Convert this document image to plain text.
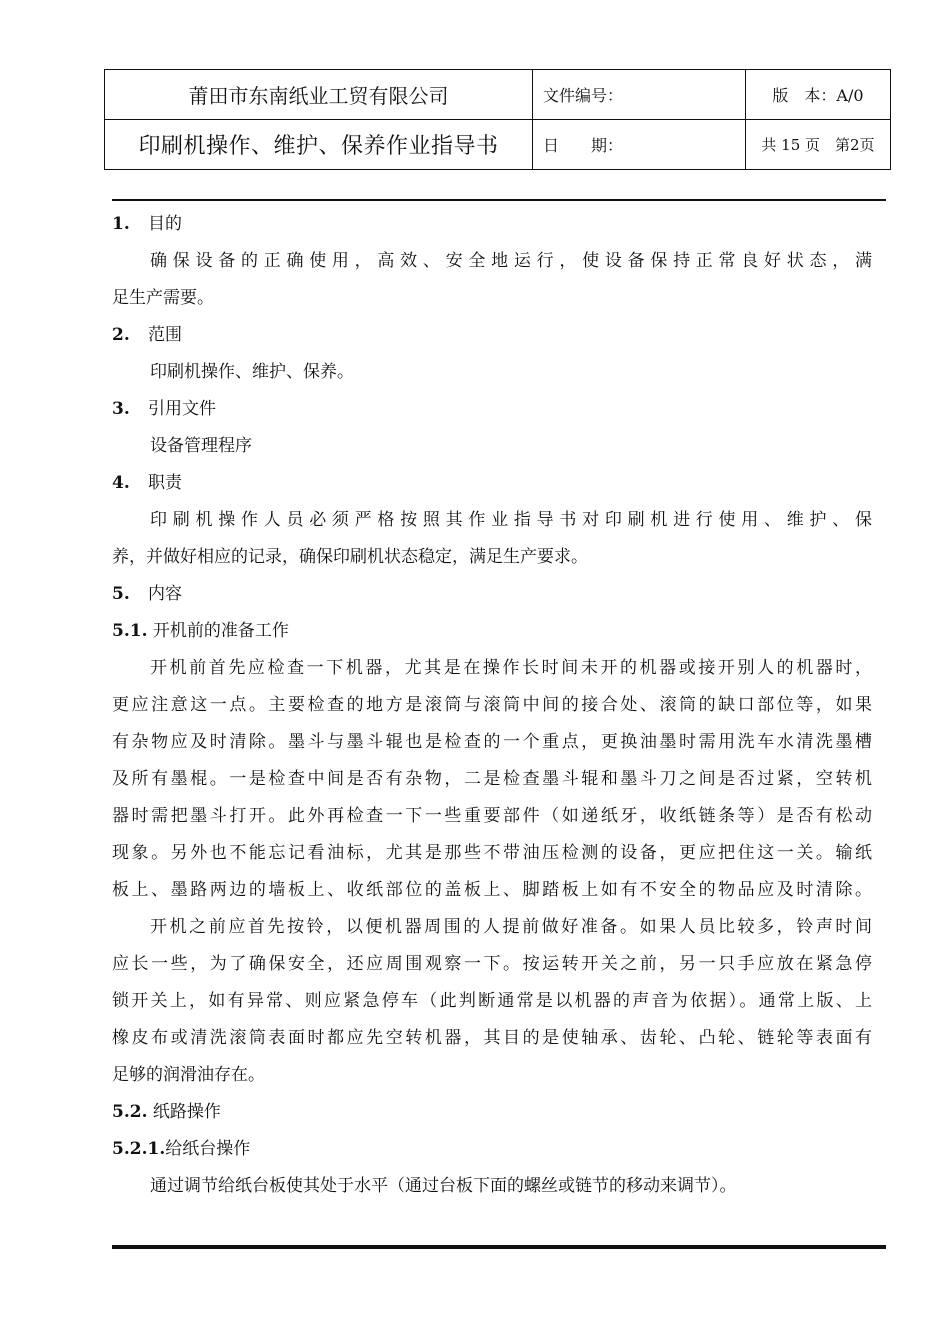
莆田市东南纸业工贸有限公司	文件编号：	版　本：A/0
印刷机操作、维护、保养作业指导书	日　　期：	共 15 页　第2页
1. 目的
确保设备的正确使用，高效、安全地运行，使设备保持正常良好状态，满
足生产需要。
2. 范围
印刷机操作、维护、保养。
3. 引用文件
设备管理程序
4. 职责
印刷机操作人员必须严格按照其作业指导书对印刷机进行使用、维护、保
养，并做好相应的记录，确保印刷机状态稳定，满足生产要求。
5. 内容
5.1. 开机前的准备工作
开机前首先应检查一下机器，尤其是在操作长时间未开的机器或接开别人的机器时，
更应注意这一点。主要检查的地方是滚筒与滚筒中间的接合处、滚筒的缺口部位等，如果
有杂物应及时清除。墨斗与墨斗辊也是检查的一个重点，更换油墨时需用洗车水清洗墨槽
及所有墨棍。一是检查中间是否有杂物，二是检查墨斗辊和墨斗刀之间是否过紧，空转机
器时需把墨斗打开。此外再检查一下一些重要部件（如递纸牙，收纸链条等）是否有松动
现象。另外也不能忘记看油标，尤其是那些不带油压检测的设备，更应把住这一关。输纸
板上、墨路两边的墙板上、收纸部位的盖板上、脚踏板上如有不安全的物品应及时清除。
开机之前应首先按铃，以便机器周围的人提前做好准备。如果人员比较多，铃声时间
应长一些，为了确保安全，还应周围观察一下。按运转开关之前，另一只手应放在紧急停
锁开关上，如有异常、则应紧急停车（此判断通常是以机器的声音为依据）。通常上版、上
橡皮布或清洗滚筒表面时都应先空转机器，其目的是使轴承、齿轮、凸轮、链轮等表面有
足够的润滑油存在。
5.2. 纸路操作
5.2.1.给纸台操作
通过调节给纸台板使其处于水平（通过台板下面的螺丝或链节的移动来调节）。
